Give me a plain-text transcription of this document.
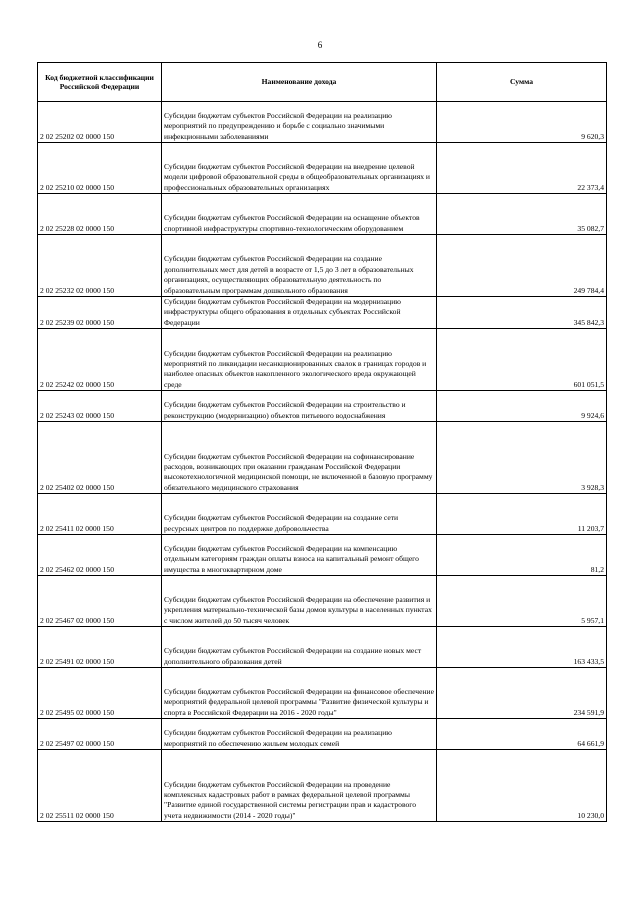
6
Код бюджетной классификации Российской Федерации	Наименование дохода	Сумма
2 02 25202 02 0000 150	Субсидии бюджетам субъектов Российской Федерации на реализацию мероприятий по предупреждению и борьбе с социально значимыми инфекционными заболеваниями	9 620,3
2 02 25210 02 0000 150	Субсидии бюджетам субъектов Российской Федерации на внедрение целевой модели цифровой образовательной среды в общеобразовательных организациях и профессиональных образовательных организациях	22 373,4
2 02 25228 02 0000 150	Субсидии бюджетам субъектов Российской Федерации на оснащение объектов спортивной инфраструктуры спортивно-технологическим оборудованием	35 082,7
2 02 25232 02 0000 150	Субсидии бюджетам субъектов Российской Федерации на создание дополнительных мест для детей в возрасте от 1,5 до 3 лет в образовательных организациях, осуществляющих образовательную деятельность по образовательным программам дошкольного образования	249 784,4
2 02 25239 02 0000 150	Субсидии бюджетам субъектов Российской Федерации на модернизацию инфраструктуры общего образования в отдельных субъектах Российской Федерации	345 842,3
2 02 25242 02 0000 150	Субсидии бюджетам субъектов Российской Федерации на реализацию мероприятий по ликвидации несанкционированных свалок в границах городов и наиболее опасных объектов накопленного экологического вреда окружающей среде	601 051,5
2 02 25243 02 0000 150	Субсидии бюджетам субъектов Российской Федерации на строительство и реконструкцию (модернизацию) объектов питьевого водоснабжения	9 924,6
2 02 25402 02 0000 150	Субсидии бюджетам субъектов Российской Федерации на софинансирование расходов, возникающих при оказании гражданам Российской Федерации высокотехнологичной медицинской помощи, не включенной в базовую программу обязательного медицинского страхования	3 928,3
2 02 25411 02 0000 150	Субсидии бюджетам субъектов Российской Федерации на создание сети ресурсных центров по поддержке добровольчества	11 203,7
2 02 25462 02 0000 150	Субсидии бюджетам субъектов Российской Федерации на компенсацию отдельным категориям граждан оплаты взноса на капитальный ремонт общего имущества в многоквартирном доме	81,2
2 02 25467 02 0000 150	Субсидии бюджетам субъектов Российской Федерации на обеспечение развития и укрепления материально-технической базы домов культуры в населенных пунктах с числом жителей до 50 тысяч человек	5 957,1
2 02 25491 02 0000 150	Субсидии бюджетам субъектов Российской Федерации на создание новых мест дополнительного образования детей	163 433,5
2 02 25495 02 0000 150	Субсидии бюджетам субъектов Российской Федерации на финансовое обеспечение мероприятий федеральной целевой программы "Развитие физической культуры и спорта в Российской Федерации на 2016 - 2020 годы"	234 591,9
2 02 25497 02 0000 150	Субсидии бюджетам субъектов Российской Федерации на реализацию мероприятий по обеспечению жильем молодых семей	64 661,9
2 02 25511 02 0000 150	Субсидии бюджетам субъектов Российской Федерации на проведение комплексных кадастровых работ в рамках федеральной целевой программы "Развитие единой государственной системы регистрации прав и кадастрового учета недвижимости (2014 - 2020 годы)"	10 230,0
